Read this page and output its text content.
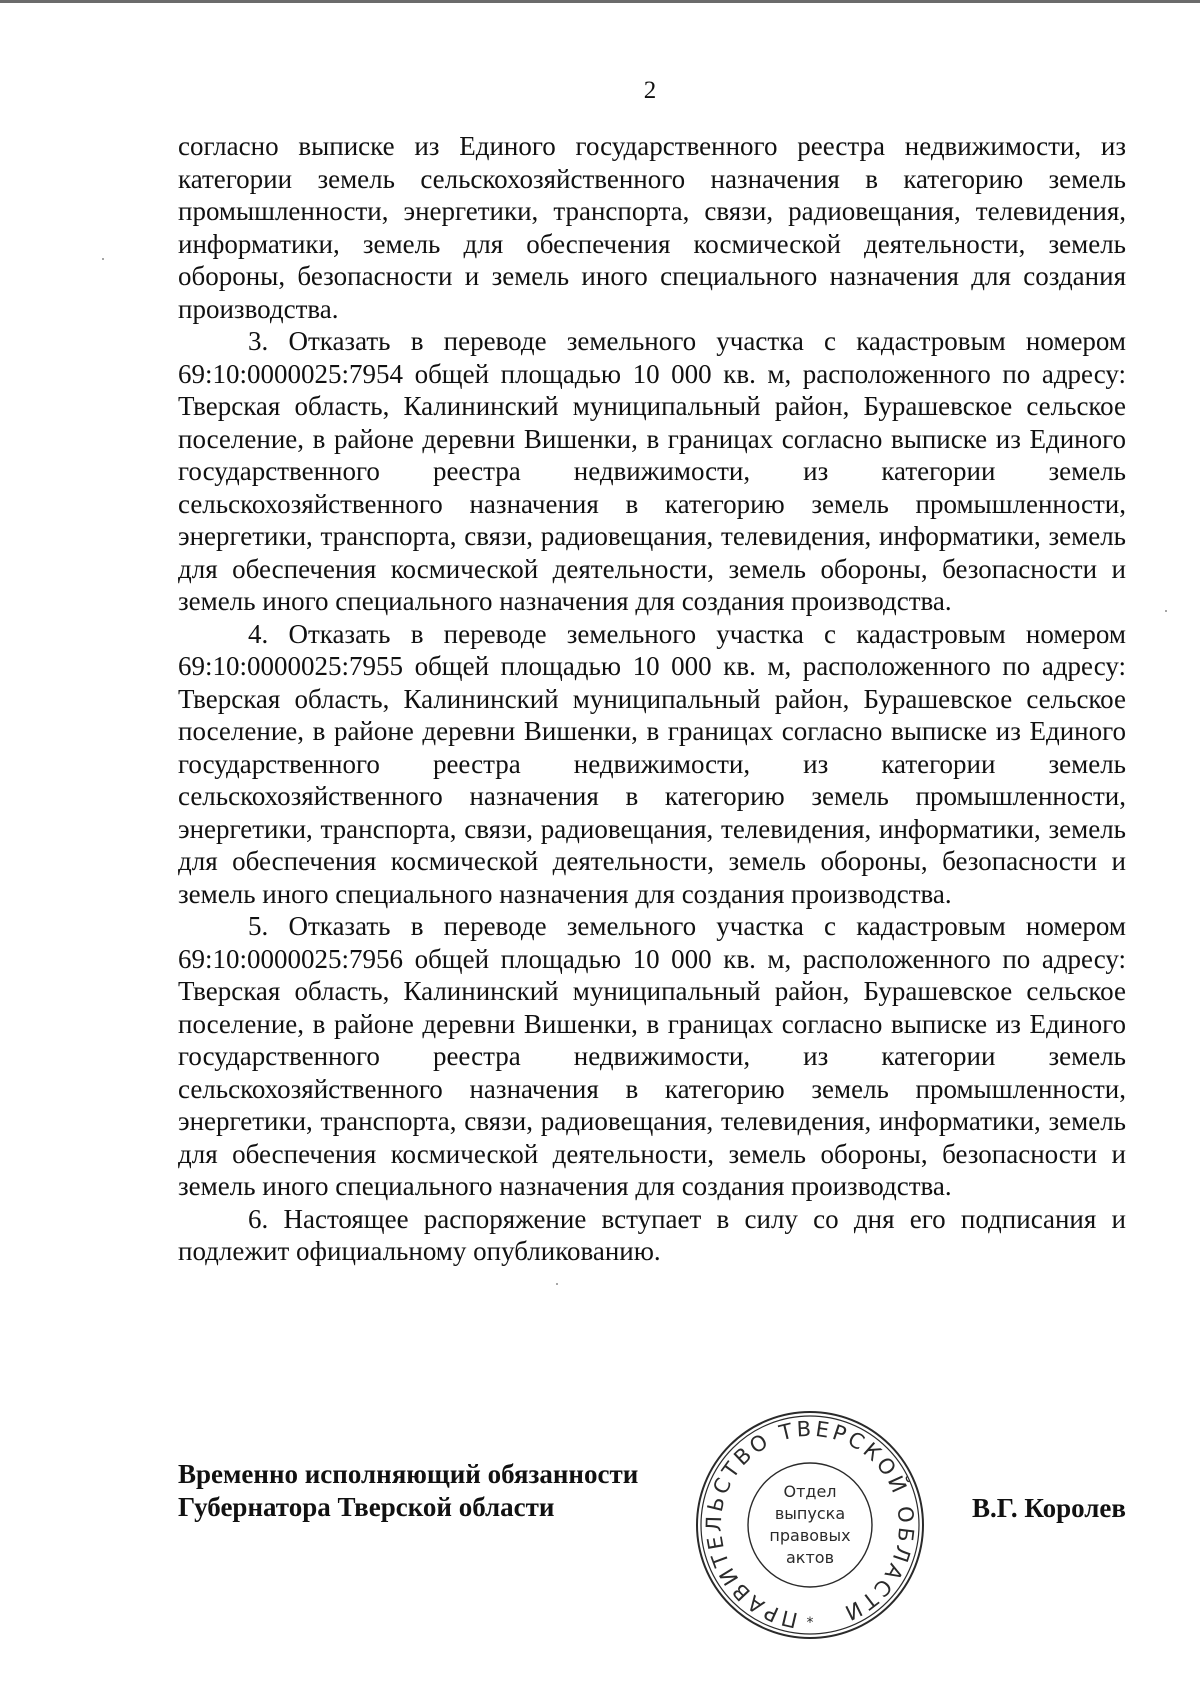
2

согласно выписке из Единого государственного реестра недвижимости, из категории земель сельскохозяйственного назначения в категорию земель промышленности, энергетики, транспорта, связи, радиовещания, телевидения, информатики, земель для обеспечения космической деятельности, земель обороны, безопасности и земель иного специального назначения для создания производства.

3. Отказать в переводе земельного участка с кадастровым номером 69:10:0000025:7954 общей площадью 10 000 кв. м, расположенного по адресу: Тверская область, Калининский муниципальный район, Бурашевское сельское поселение, в районе деревни Вишенки, в границах согласно выписке из Единого государственного реестра недвижимости, из категории земель сельскохозяйственного назначения в категорию земель промышленности, энергетики, транспорта, связи, радиовещания, телевидения, информатики, земель для обеспечения космической деятельности, земель обороны, безопасности и земель иного специального назначения для создания производства.

4. Отказать в переводе земельного участка с кадастровым номером 69:10:0000025:7955 общей площадью 10 000 кв. м, расположенного по адресу: Тверская область, Калининский муниципальный район, Бурашевское сельское поселение, в районе деревни Вишенки, в границах согласно выписке из Единого государственного реестра недвижимости, из категории земель сельскохозяйственного назначения в категорию земель промышленности, энергетики, транспорта, связи, радиовещания, телевидения, информатики, земель для обеспечения космической деятельности, земель обороны, безопасности и земель иного специального назначения для создания производства.

5. Отказать в переводе земельного участка с кадастровым номером 69:10:0000025:7956 общей площадью 10 000 кв. м, расположенного по адресу: Тверская область, Калининский муниципальный район, Бурашевское сельское поселение, в районе деревни Вишенки, в границах согласно выписке из Единого государственного реестра недвижимости, из категории земель сельскохозяйственного назначения в категорию земель промышленности, энергетики, транспорта, связи, радиовещания, телевидения, информатики, земель для обеспечения космической деятельности, земель обороны, безопасности и земель иного специального назначения для создания производства.

6. Настоящее распоряжение вступает в силу со дня его подписания и подлежит официальному опубликованию.

Временно исполняющий обязанности
Губернатора Тверской области
ПРАВИТЕЛЬСТВО ТВЕРСКОЙ ОБЛАСТИ
*
Отдел
выпуска
правовых
актов
В.Г. Королев
